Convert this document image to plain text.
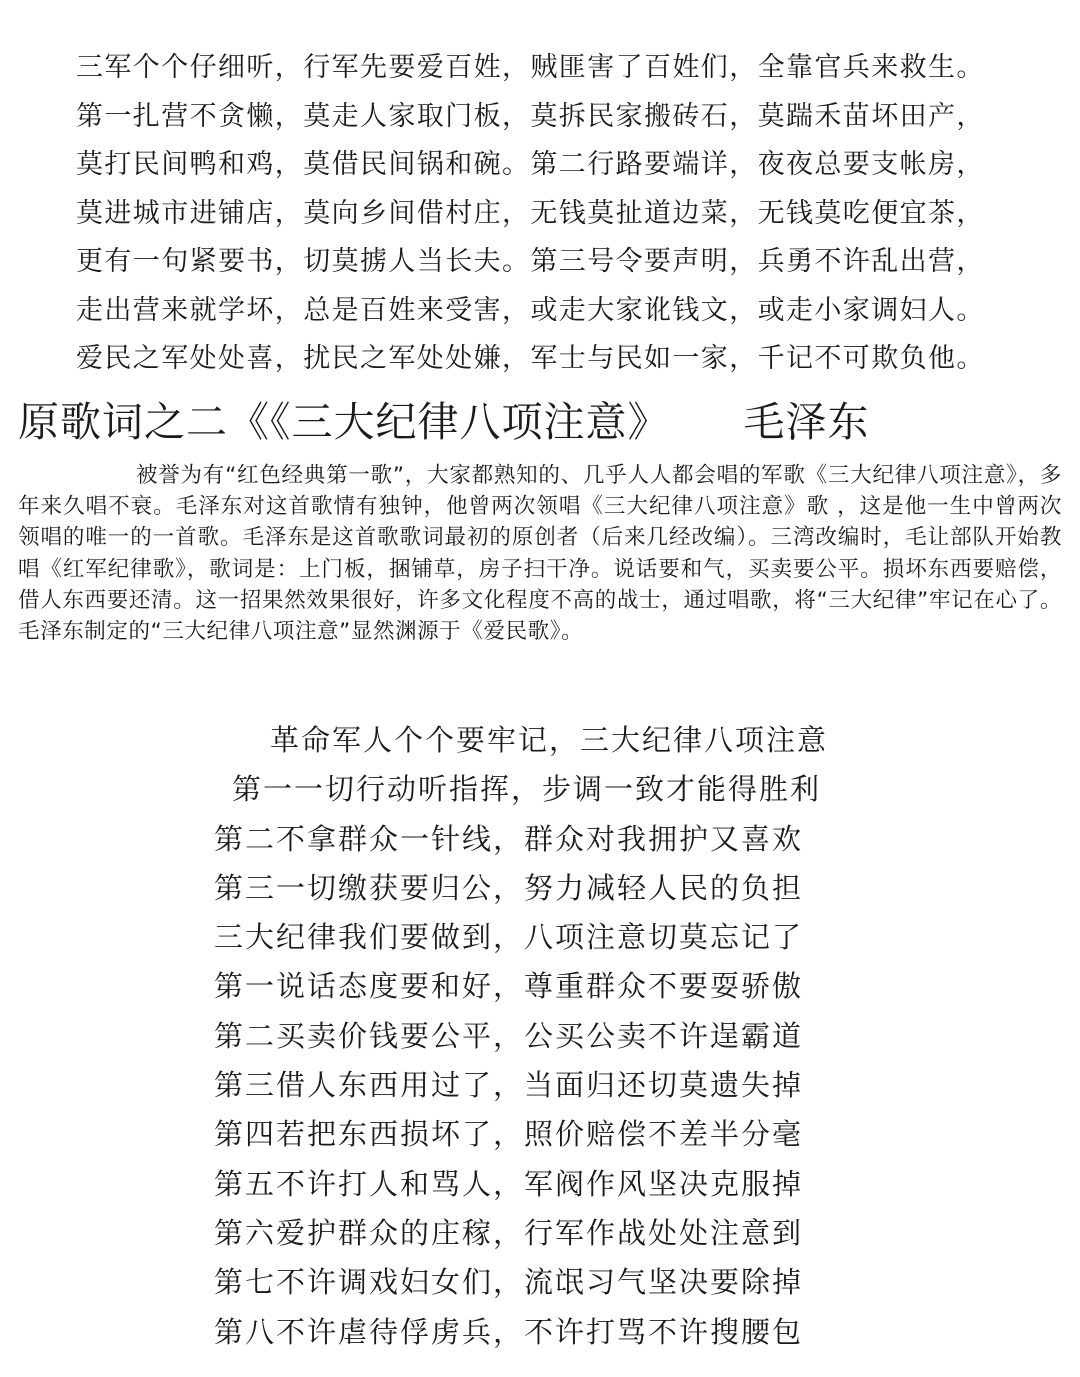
三军个个仔细听，行军先要爱百姓，贼匪害了百姓们，全靠官兵来救生。
第一扎营不贪懒，莫走人家取门板，莫拆民家搬砖石，莫踹禾苗坏田产，
莫打民间鸭和鸡，莫借民间锅和碗。第二行路要端详，夜夜总要支帐房，
莫进城市进铺店，莫向乡间借村庄，无钱莫扯道边菜，无钱莫吃便宜茶，
更有一句紧要书，切莫掳人当长夫。第三号令要声明，兵勇不许乱出营，
走出营来就学坏，总是百姓来受害，或走大家讹钱文，或走小家调妇人。
爱民之军处处喜，扰民之军处处嫌，军士与民如一家，千记不可欺负他。
原歌词之二《《三大纪律八项注意》 毛泽东
被誉为有“红色经典第一歌”，大家都熟知的、几乎人人都会唱的军歌《三大纪律八项注意》，多年来久唱不衰。毛泽东对这首歌情有独钟，他曾两次领唱《三大纪律八项注意》歌 ，这是他一生中曾两次领唱的唯一的一首歌。毛泽东是这首歌歌词最初的原创者（后来几经改编）。三湾改编时，毛让部队开始教唱《红军纪律歌》，歌词是：上门板，捆铺草，房子扫干净。说话要和气，买卖要公平。损坏东西要赔偿，借人东西要还清。这一招果然效果很好，许多文化程度不高的战士，通过唱歌，将“三大纪律”牢记在心了。毛泽东制定的“三大纪律八项注意”显然渊源于《爱民歌》。
革命军人个个要牢记，三大纪律八项注意
第一一切行动听指挥，步调一致才能得胜利
第二不拿群众一针线，群众对我拥护又喜欢
第三一切缴获要归公，努力减轻人民的负担
三大纪律我们要做到，八项注意切莫忘记了
第一说话态度要和好，尊重群众不要耍骄傲
第二买卖价钱要公平，公买公卖不许逞霸道
第三借人东西用过了，当面归还切莫遗失掉
第四若把东西损坏了，照价赔偿不差半分毫
第五不许打人和骂人，军阀作风坚决克服掉
第六爱护群众的庄稼，行军作战处处注意到
第七不许调戏妇女们，流氓习气坚决要除掉
第八不许虐待俘虏兵，不许打骂不许搜腰包
